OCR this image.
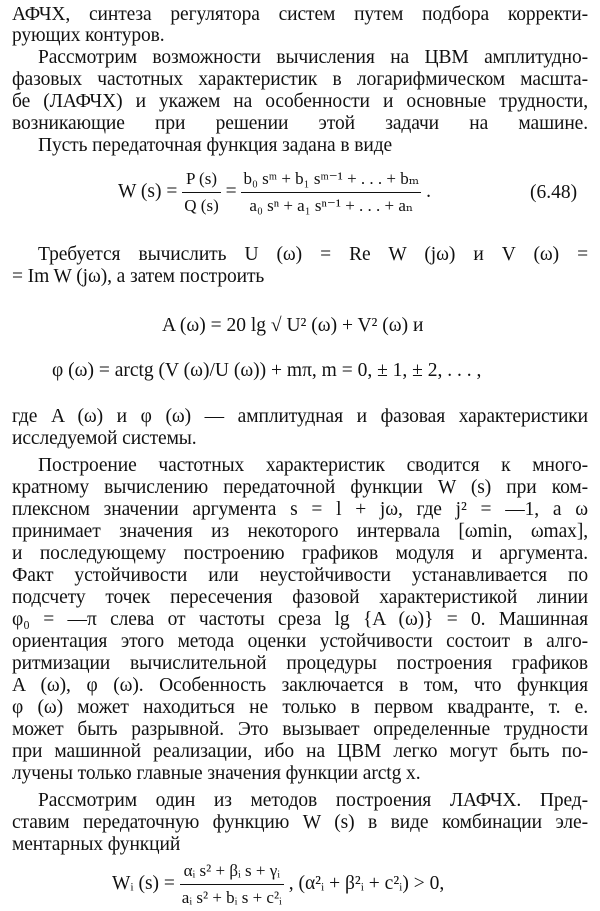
АФЧХ, синтеза регулятора систем путем подбора корректи-
рующих контуров.
Рассмотрим возможности вычисления на ЦВМ амплитудно-
фазовых частотных характеристик в логарифмическом масшта-
бе (ЛАФЧХ) и укажем на особенности и основные трудности,
возникающие при решении этой задачи на машине.
Пусть передаточная функция задана в виде
W $(s) = \frac{P (s)}{Q (s)} = \frac{\text{b₀ sᵐ + b₁ sᵐ⁻¹ + . . . + bₘ}}{\text{a₀ sⁿ + a₁ sⁿ⁻¹ + . . . + aₙ}}$ .	(6.48)
Требуется вычислить U (ω) = Re W (jω) и V (ω) =
= Im W (jω), а затем построить
A (ω) = 20 lg √ U² (ω) + V² (ω) и
φ (ω) = arctg (V (ω)/U (ω)) + mπ, m = 0, ± 1, ± 2, . . . ,
где A (ω) и φ (ω) — амплитудная и фазовая характеристики
исследуемой системы.
Построение частотных характеристик сводится к много-
кратному вычислению передаточной функции W (s) при ком-
плексном значении аргумента s = l + jω, где j² = —1, а ω
принимает значения из некоторого интервала [ωmin, ωmax],
и последующему построению графиков модуля и аргумента.
Факт устойчивости или неустойчивости устанавливается по
подсчету точек пересечения фазовой характеристикой линии
φ₀ = —π слева от частоты среза lg {A (ω)} = 0. Машинная
ориентация этого метода оценки устойчивости состоит в алго-
ритмизации вычислительной процедуры построения графиков
A (ω), φ (ω). Особенность заключается в том, что функция
φ (ω) может находиться не только в первом квадранте, т. е.
может быть разрывной. Это вызывает определенные трудности
при машинной реализации, ибо на ЦВМ легко могут быть по-
лучены только главные значения функции arctg x.
Рассмотрим один из методов построения ЛАФЧХ. Пред-
ставим передаточную функцию W (s) в виде комбинации эле-
ментарных функций
Wᵢ $(s) = \frac{\text{αᵢ s² + βᵢ s + γᵢ}}{\text{aᵢ s² + bᵢ s + c²ᵢ}}$ , (α²ᵢ + β²ᵢ + c²ᵢ) > 0,
